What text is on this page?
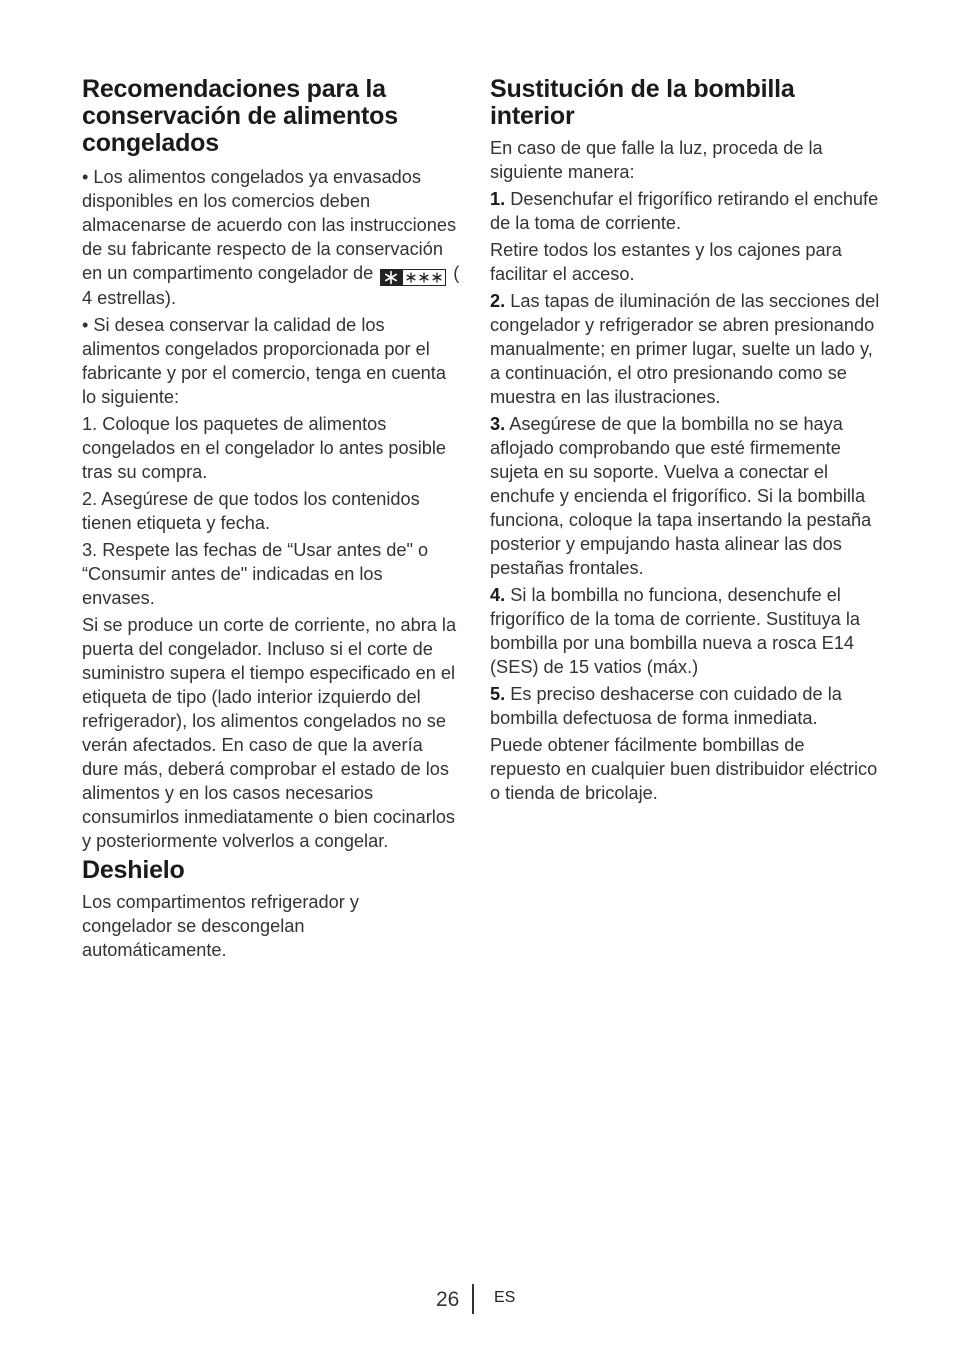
Recomendaciones para la conservación de alimentos congelados

• Los alimentos congelados ya envasados disponibles en los comercios deben almacenarse de acuerdo con las instrucciones de su fabricante respecto de la conservación en un compartimento congelador de	( 4 estrellas).

• Si desea conservar la calidad de los alimentos congelados proporcionada por el fabricante y por el comercio, tenga en cuenta lo siguiente:

1. Coloque los paquetes de alimentos congelados en el congelador lo antes posible tras su compra.

2. Asegúrese de que todos los contenidos tienen etiqueta y fecha.

3. Respete las fechas de “Usar antes de" o “Consumir antes de" indicadas en los envases.

Si se produce un corte de corriente, no abra la puerta del congelador. Incluso si el corte de suministro supera el tiempo especificado en el etiqueta de tipo (lado interior izquierdo del refrigerador), los alimentos congelados no se verán afectados. En caso de que la avería dure más, deberá comprobar el estado de los alimentos y en los casos necesarios consumirlos inmediatamente o bien cocinarlos y posteriormente volverlos a congelar.

Deshielo

Los compartimentos refrigerador y congelador se descongelan automáticamente.

Sustitución de la bombilla interior

En caso de que falle la luz, proceda de la siguiente manera:

1. Desenchufar el frigorífico retirando el enchufe de la toma de corriente.

Retire todos los estantes y los cajones para facilitar el acceso.

2. Las tapas de iluminación de las secciones del congelador y refrigerador se abren presionando manualmente; en primer lugar, suelte un lado y, a continuación, el otro presionando como se muestra en las ilustraciones.

3. Asegúrese de que la bombilla no se haya aflojado comprobando que esté firmemente sujeta en su soporte. Vuelva a conectar el enchufe y encienda el frigorífico. Si la bombilla funciona, coloque la tapa insertando la pestaña posterior y empujando hasta alinear las dos pestañas frontales.

4. Si la bombilla no funciona, desenchufe el frigorífico de la toma de corriente. Sustituya la bombilla por una bombilla nueva a rosca E14 (SES) de 15 vatios (máx.)

5. Es preciso deshacerse con cuidado de la bombilla defectuosa de forma inmediata.

Puede obtener fácilmente bombillas de repuesto en cualquier buen distribuidor eléctrico o tienda de bricolaje.

26 ES
